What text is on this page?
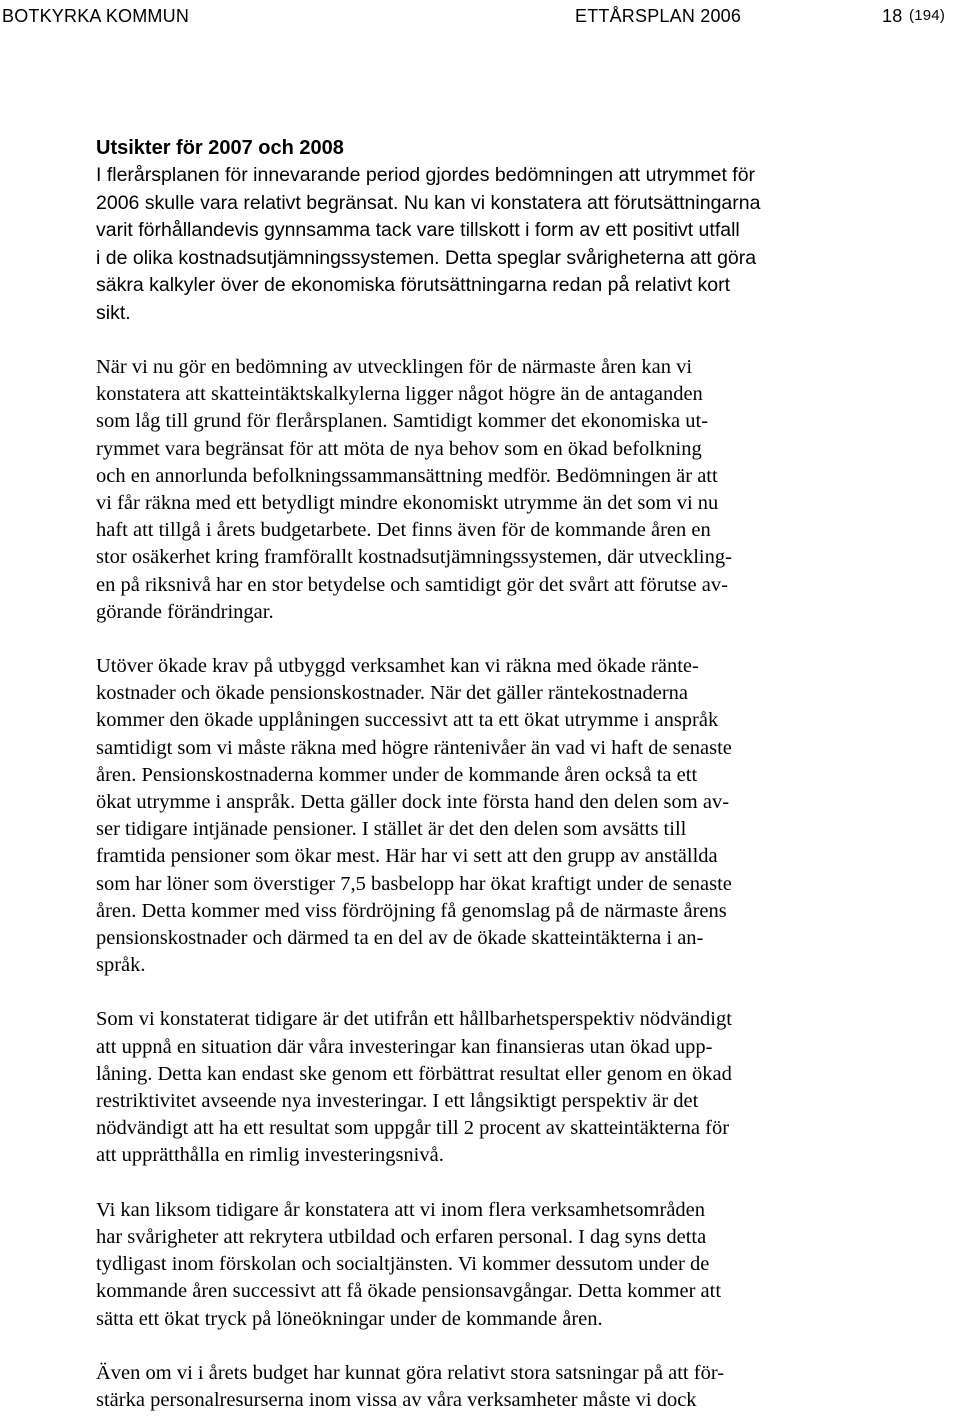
BOTKYRKA KOMMUN	ETTÅRSPLAN 2006	18 (194)
Utsikter för 2007 och 2008
I flerårsplanen för innevarande period gjordes bedömningen att utrymmet för
2006 skulle vara relativt begränsat. Nu kan vi konstatera att förutsättningarna
varit förhållandevis gynnsamma tack vare tillskott i form av ett positivt utfall
i de olika kostnadsutjämningssystemen. Detta speglar svårigheterna att göra
säkra kalkyler över de ekonomiska förutsättningarna redan på relativt kort
sikt.
När vi nu gör en bedömning av utvecklingen för de närmaste åren kan vi
konstatera att skatteintäktskalkylerna ligger något högre än de antaganden
som låg till grund för flerårsplanen. Samtidigt kommer det ekonomiska ut-
rymmet vara begränsat för att möta de nya behov som en ökad befolkning
och en annorlunda befolkningssammansättning medför. Bedömningen är att
vi får räkna med ett betydligt mindre ekonomiskt utrymme än det som vi nu
haft att tillgå i årets budgetarbete. Det finns även för de kommande åren en
stor osäkerhet kring framförallt kostnadsutjämningssystemen, där utveckling-
en på riksnivå har en stor betydelse och samtidigt gör det svårt att förutse av-
görande förändringar.
Utöver ökade krav på utbyggd verksamhet kan vi räkna med ökade ränte-
kostnader och ökade pensionskostnader. När det gäller räntekostnaderna
kommer den ökade upplåningen successivt att ta ett ökat utrymme i anspråk
samtidigt som vi måste räkna med högre räntenivåer än vad vi haft de senaste
åren. Pensionskostnaderna kommer under de kommande åren också ta ett
ökat utrymme i anspråk. Detta gäller dock inte första hand den delen som av-
ser tidigare intjänade pensioner. I stället är det den delen som avsätts till
framtida pensioner som ökar mest. Här har vi sett att den grupp av anställda
som har löner som överstiger 7,5 basbelopp har ökat kraftigt under de senaste
åren. Detta kommer med viss fördröjning få genomslag på de närmaste årens
pensionskostnader och därmed ta en del av de ökade skatteintäkterna i an-
språk.
Som vi konstaterat tidigare är det utifrån ett hållbarhetsperspektiv nödvändigt
att uppnå en situation där våra investeringar kan finansieras utan ökad upp-
låning. Detta kan endast ske genom ett förbättrat resultat eller genom en ökad
restriktivitet avseende nya investeringar. I ett långsiktigt perspektiv är det
nödvändigt att ha ett resultat som uppgår till 2 procent av skatteintäkterna för
att upprätthålla en rimlig investeringsnivå.
Vi kan liksom tidigare år konstatera att vi inom flera verksamhetsområden
har svårigheter att rekrytera utbildad och erfaren personal. I dag syns detta
tydligast inom förskolan och socialtjänsten. Vi kommer dessutom under de
kommande åren successivt att få ökade pensionsavgångar. Detta kommer att
sätta ett ökat tryck på löneökningar under de kommande åren.
Även om vi i årets budget har kunnat göra relativt stora satsningar på att för-
stärka personalresurserna inom vissa av våra verksamheter måste vi dock
